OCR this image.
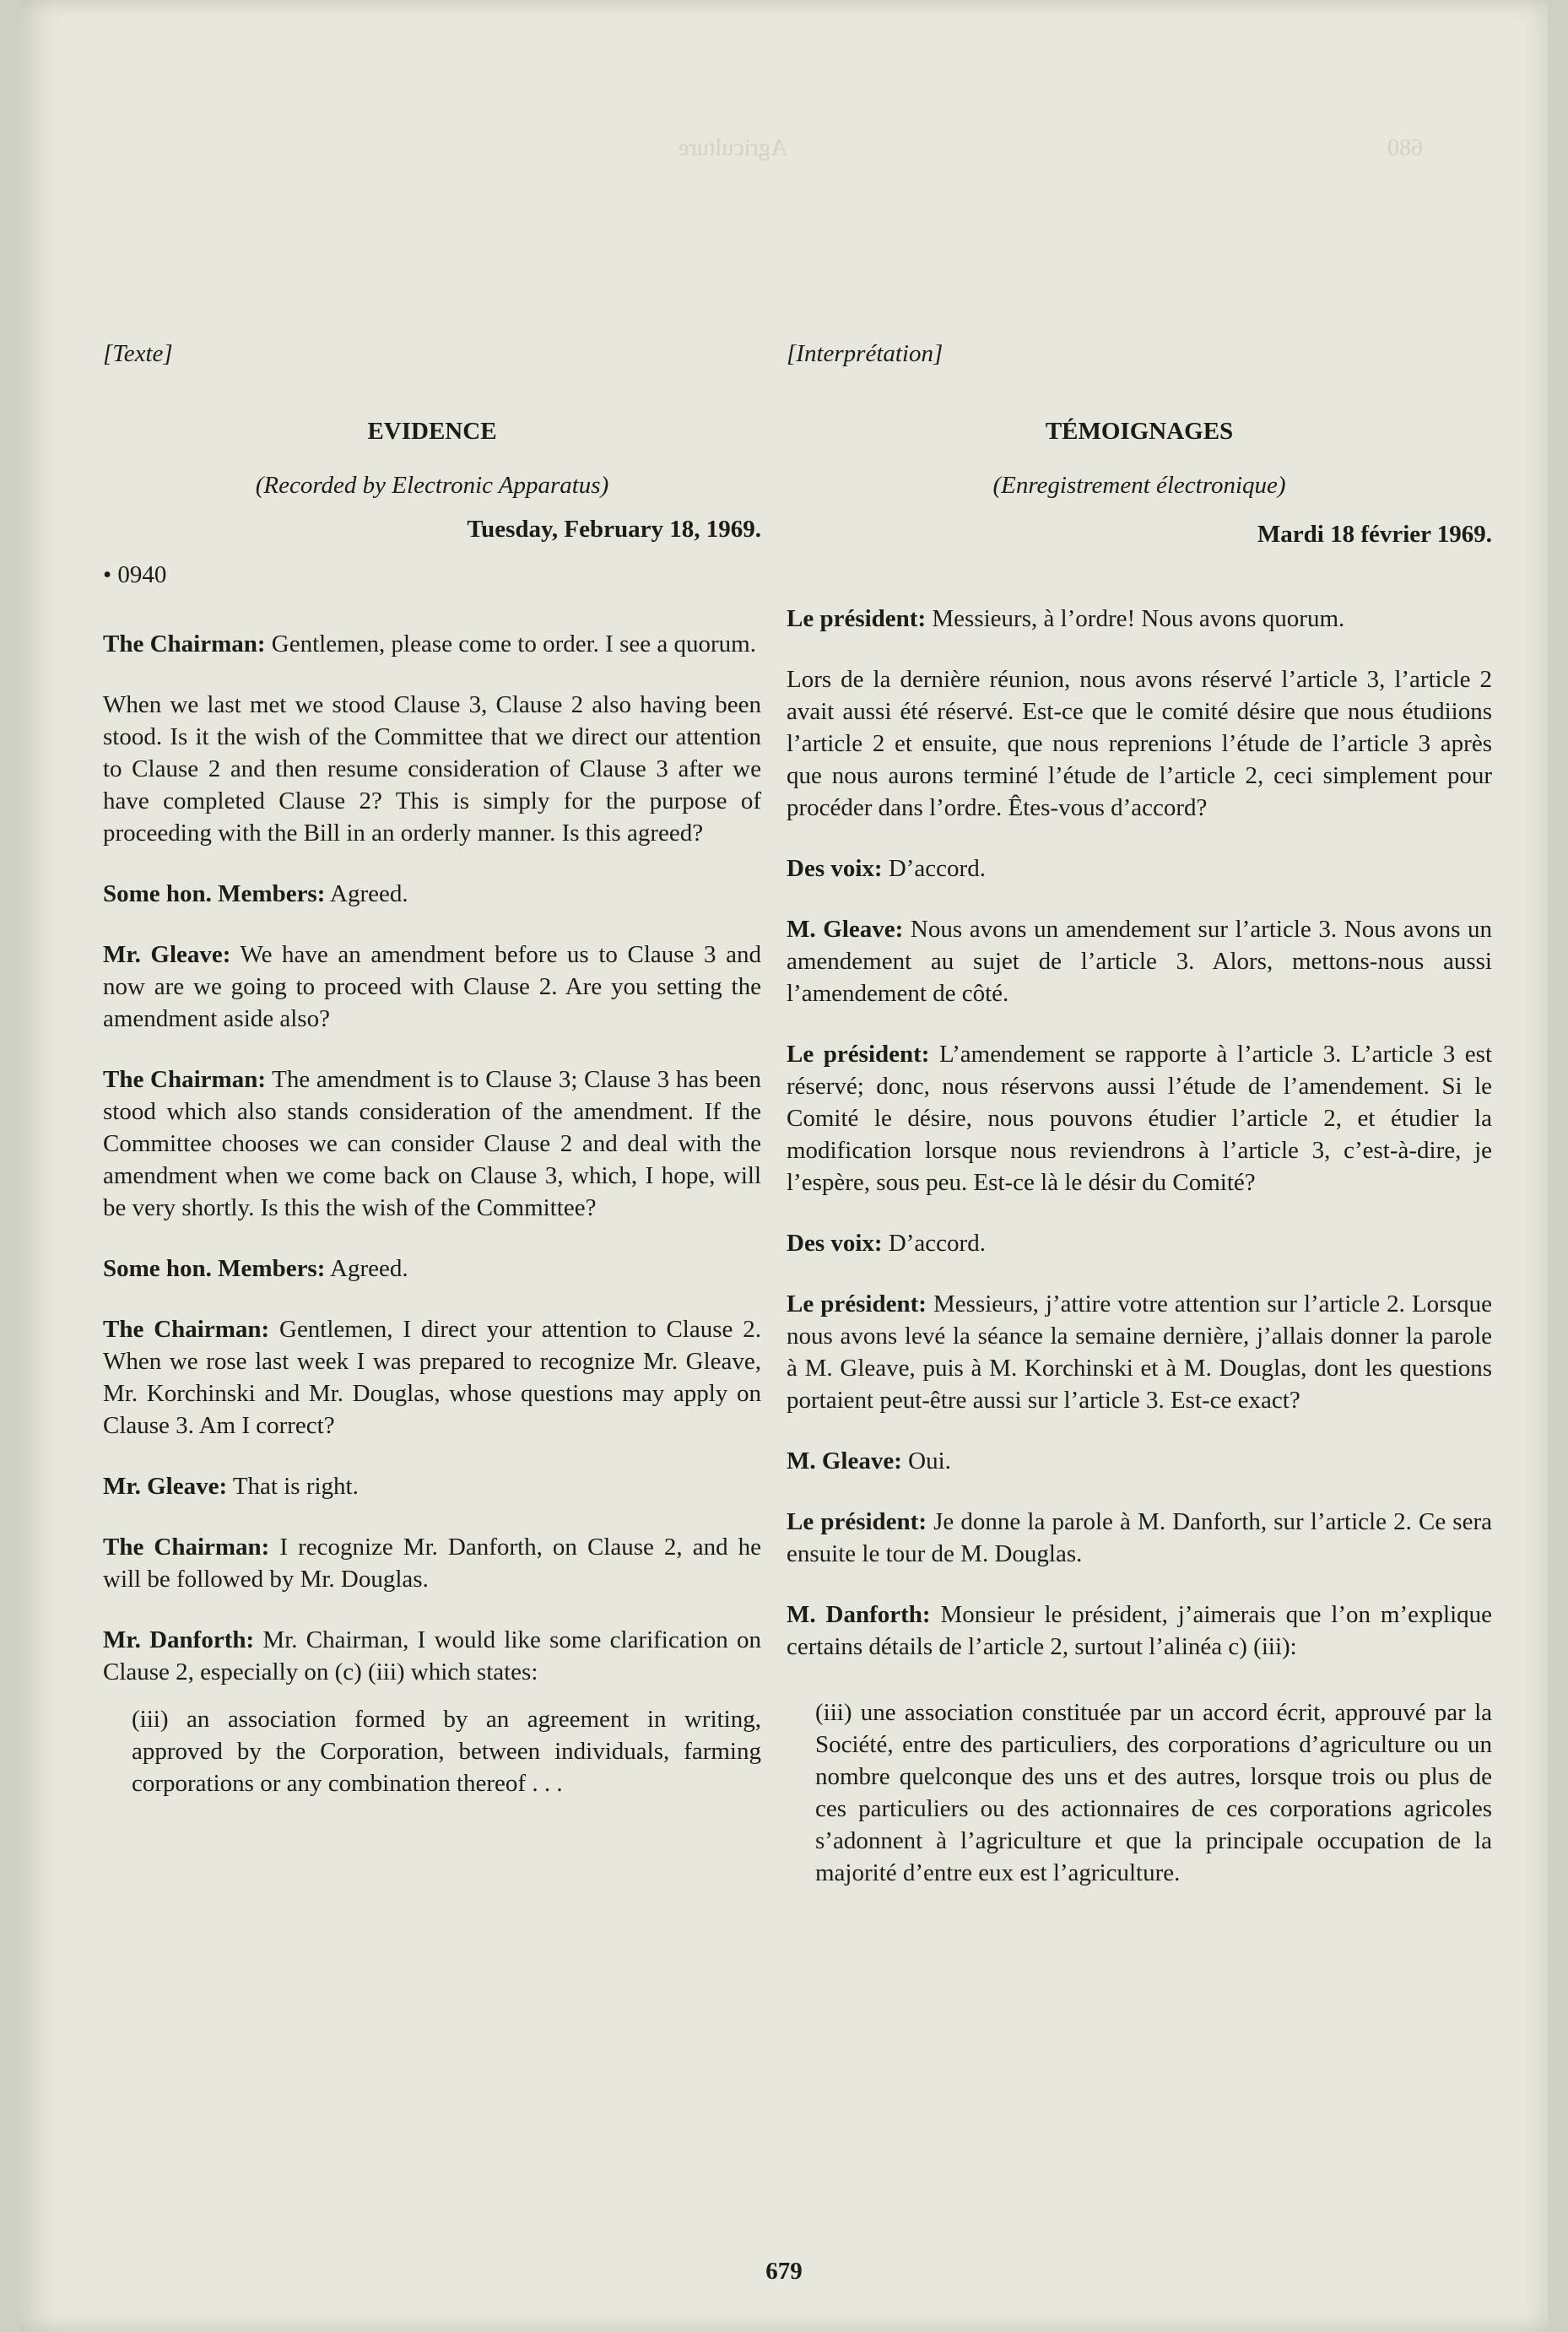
680
Agriculture
[Texte]
EVIDENCE
(Recorded by Electronic Apparatus)
Tuesday, February 18, 1969.
• 0940

The Chairman: Gentlemen, please come to order. I see a quorum.

When we last met we stood Clause 3, Clause 2 also having been stood. Is it the wish of the Committee that we direct our attention to Clause 2 and then resume consideration of Clause 3 after we have completed Clause 2? This is simply for the purpose of proceeding with the Bill in an orderly manner. Is this agreed?

Some hon. Members: Agreed.

Mr. Gleave: We have an amendment before us to Clause 3 and now are we going to proceed with Clause 2. Are you setting the amendment aside also?

The Chairman: The amendment is to Clause 3; Clause 3 has been stood which also stands consideration of the amendment. If the Committee chooses we can consider Clause 2 and deal with the amendment when we come back on Clause 3, which, I hope, will be very shortly. Is this the wish of the Committee?

Some hon. Members: Agreed.

The Chairman: Gentlemen, I direct your attention to Clause 2. When we rose last week I was prepared to recognize Mr. Gleave, Mr. Korchinski and Mr. Douglas, whose questions may apply on Clause 3. Am I correct?

Mr. Gleave: That is right.

The Chairman: I recognize Mr. Danforth, on Clause 2, and he will be followed by Mr. Douglas.

Mr. Danforth: Mr. Chairman, I would like some clarification on Clause 2, especially on (c) (iii) which states:

(iii) an association formed by an agreement in writing, approved by the Corporation, between individuals, farming corporations or any combination thereof . . .

[Interprétation]
TÉMOIGNAGES
(Enregistrement électronique)
Mardi 18 février 1969.

Le président: Messieurs, à l’ordre! Nous avons quorum.

Lors de la dernière réunion, nous avons réservé l’article 3, l’article 2 avait aussi été réservé. Est-ce que le comité désire que nous étudiions l’article 2 et ensuite, que nous reprenions l’étude de l’article 3 après que nous aurons terminé l’étude de l’article 2, ceci simplement pour procéder dans l’ordre. Êtes-vous d’accord?

Des voix: D’accord.

M. Gleave: Nous avons un amendement sur l’article 3. Nous avons un amendement au sujet de l’article 3. Alors, mettons-nous aussi l’amendement de côté.

Le président: L’amendement se rapporte à l’article 3. L’article 3 est réservé; donc, nous réservons aussi l’étude de l’amendement. Si le Comité le désire, nous pouvons étudier l’article 2, et étudier la modification lorsque nous reviendrons à l’article 3, c’est-à-dire, je l’espère, sous peu. Est-ce là le désir du Comité?

Des voix: D’accord.

Le président: Messieurs, j’attire votre attention sur l’article 2. Lorsque nous avons levé la séance la semaine dernière, j’allais donner la parole à M. Gleave, puis à M. Korchinski et à M. Douglas, dont les questions portaient peut-être aussi sur l’article 3. Est-ce exact?

M. Gleave: Oui.

Le président: Je donne la parole à M. Danforth, sur l’article 2. Ce sera ensuite le tour de M. Douglas.

M. Danforth: Monsieur le président, j’aimerais que l’on m’explique certains détails de l’article 2, surtout l’alinéa c) (iii):

(iii) une association constituée par un accord écrit, approuvé par la Société, entre des particuliers, des corporations d’agriculture ou un nombre quelconque des uns et des autres, lorsque trois ou plus de ces particuliers ou des actionnaires de ces corporations agricoles s’adonnent à l’agriculture et que la principale occupation de la majorité d’entre eux est l’agriculture.

679
